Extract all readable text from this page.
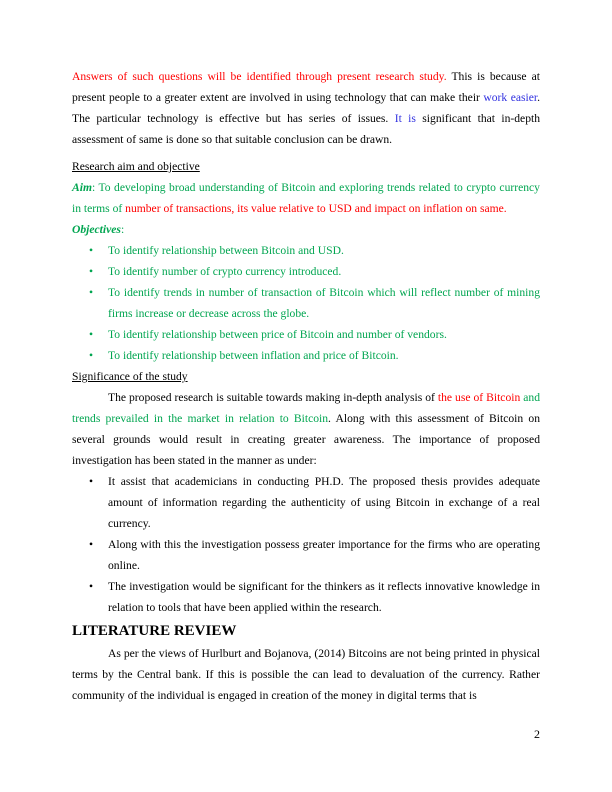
Answers of such questions will be identified through present research study. This is because at present people to a greater extent are involved in using technology that can make their work easier. The particular technology is effective but has series of issues. It is significant that in-depth assessment of same is done so that suitable conclusion can be drawn.

Research aim and objective

Aim: To developing broad understanding of Bitcoin and exploring trends related to crypto currency in terms of number of transactions, its value relative to USD and impact on inflation on same.

Objectives:

• To identify relationship between Bitcoin and USD.
• To identify number of crypto currency introduced.
• To identify trends in number of transaction of Bitcoin which will reflect number of mining firms increase or decrease across the globe.
• To identify relationship between price of Bitcoin and number of vendors.
• To identify relationship between inflation and price of Bitcoin.

Significance of the study

The proposed research is suitable towards making in-depth analysis of the use of Bitcoin and trends prevailed in the market in relation to Bitcoin. Along with this assessment of Bitcoin on several grounds would result in creating greater awareness. The importance of proposed investigation has been stated in the manner as under:

• It assist that academicians in conducting PH.D. The proposed thesis provides adequate amount of information regarding the authenticity of using Bitcoin in exchange of a real currency.
• Along with this the investigation possess greater importance for the firms who are operating online.
• The investigation would be significant for the thinkers as it reflects innovative knowledge in relation to tools that have been applied within the research.

LITERATURE REVIEW

As per the views of Hurlburt and Bojanova, (2014) Bitcoins are not being printed in physical terms by the Central bank. If this is possible the can lead to devaluation of the currency. Rather community of the individual is engaged in creation of the money in digital terms that is

2
